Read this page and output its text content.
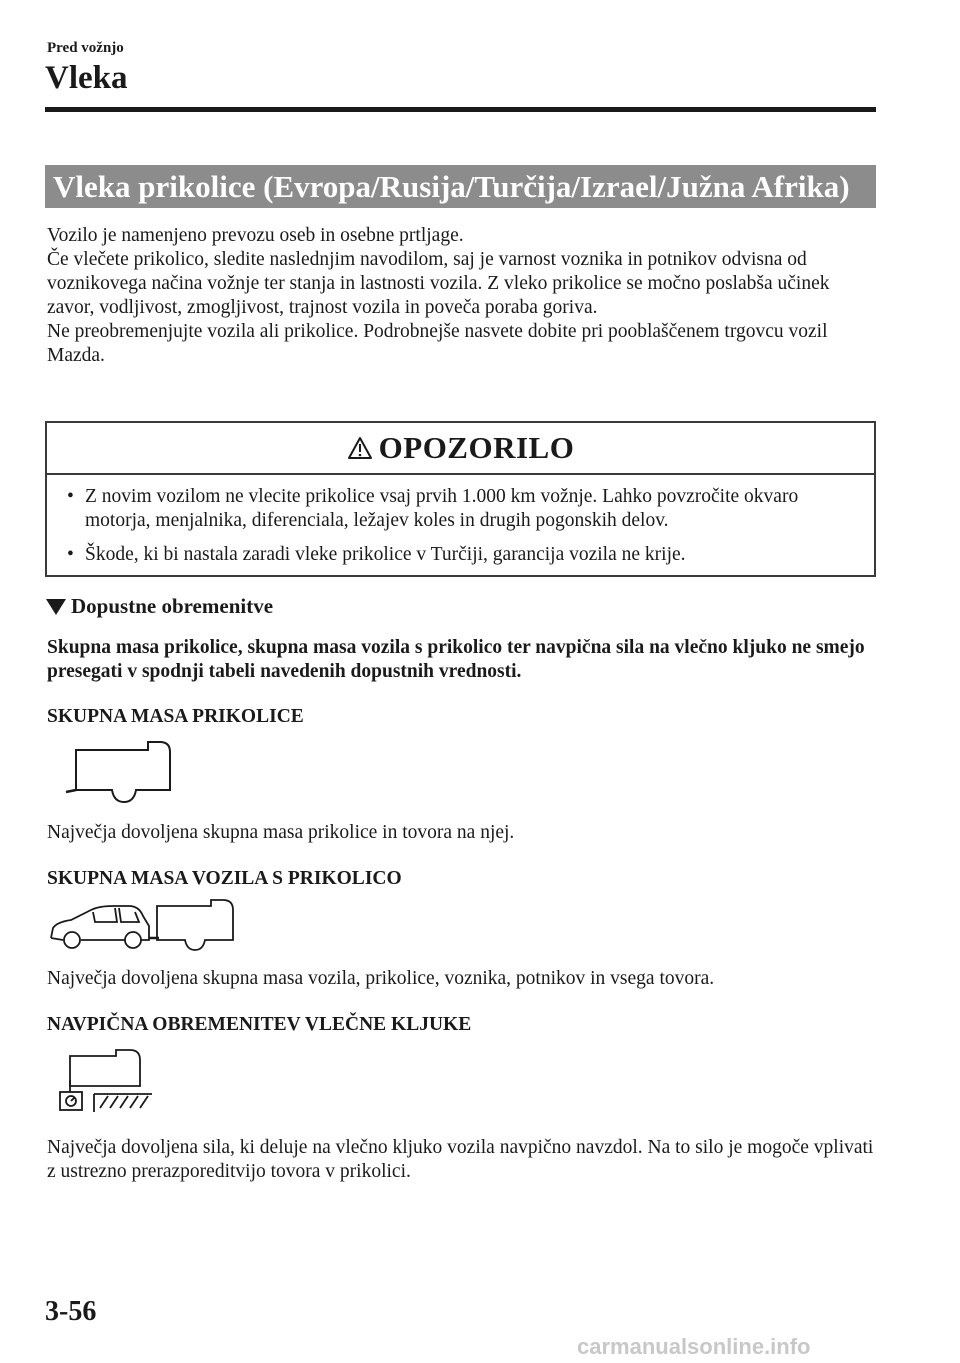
Pred vožnjo
Vleka
Vleka prikolice (Evropa/Rusija/Turčija/Izrael/Južna Afrika)

Vozilo je namenjeno prevozu oseb in osebne prtljage.

Če vlečete prikolico, sledite naslednjim navodilom, saj je varnost voznika in potnikov odvisna od voznikovega načina vožnje ter stanja in lastnosti vozila. Z vleko prikolice se močno poslabša učinek zavor, vodljivost, zmogljivost, trajnost vozila in poveča poraba goriva.

Ne preobremenjujte vozila ali prikolice. Podrobnejše nasvete dobite pri pooblaščenem trgovcu vozil Mazda.

OPOZORILO
• Z novim vozilom ne vlecite prikolice vsaj prvih 1.000 km vožnje. Lahko povzročite okvaro motorja, menjalnika, diferenciala, ležajev koles in drugih pogonskih delov.
• Škode, ki bi nastala zaradi vleke prikolice v Turčiji, garancija vozila ne krije.
Dopustne obremenitve
Skupna masa prikolice, skupna masa vozila s prikolico ter navpična sila na vlečno kljuko ne smejo presegati v spodnji tabeli navedenih dopustnih vrednosti.
SKUPNA MASA PRIKOLICE
Največja dovoljena skupna masa prikolice in tovora na njej.
SKUPNA MASA VOZILA S PRIKOLICO
Največja dovoljena skupna masa vozila, prikolice, voznika, potnikov in vsega tovora.
NAVPIČNA OBREMENITEV VLEČNE KLJUKE
Največja dovoljena sila, ki deluje na vlečno kljuko vozila navpično navzdol. Na to silo je mogoče vplivati z ustrezno prerazporeditvijo tovora v prikolici.
3-56
carmanualsonline.info
